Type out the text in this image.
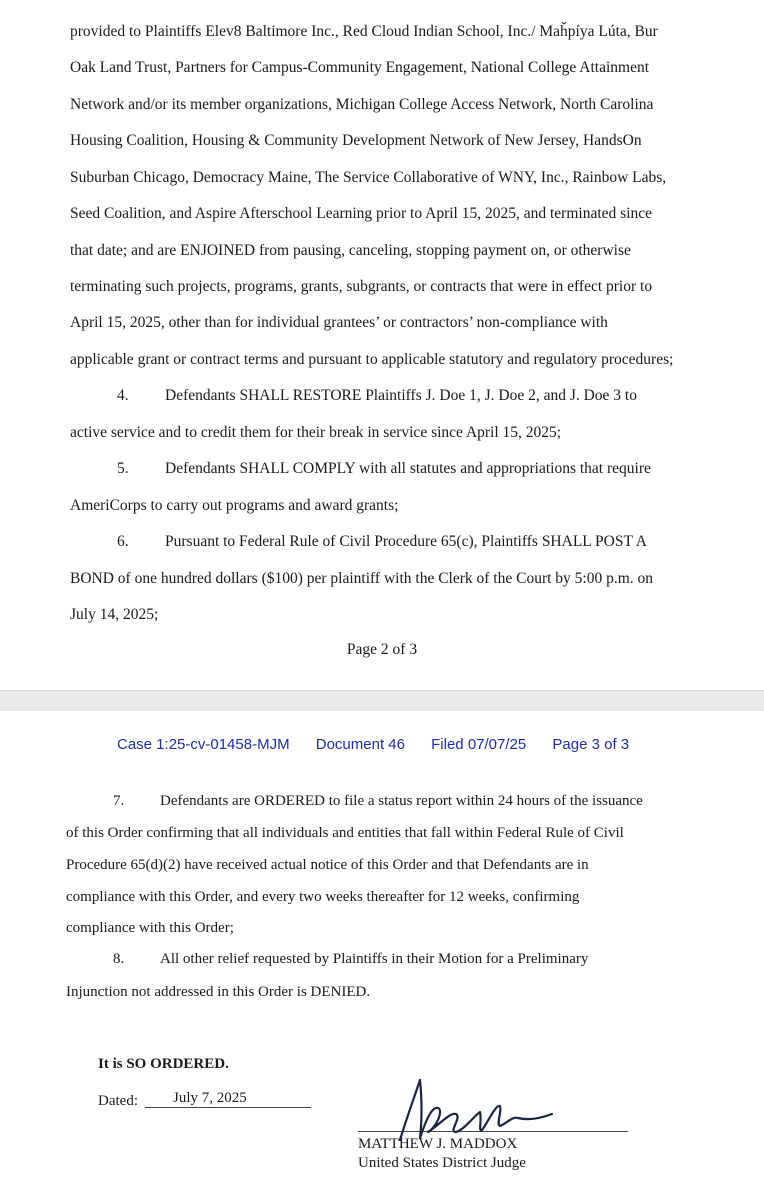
provided to Plaintiffs Elev8 Baltimore Inc., Red Cloud Indian School, Inc./ Maȟpíya Lúta, Bur
Oak Land Trust, Partners for Campus-Community Engagement, National College Attainment
Network and/or its member organizations, Michigan College Access Network, North Carolina
Housing Coalition, Housing & Community Development Network of New Jersey, HandsOn
Suburban Chicago, Democracy Maine, The Service Collaborative of WNY, Inc., Rainbow Labs,
Seed Coalition, and Aspire Afterschool Learning prior to April 15, 2025, and terminated since
that date; and are ENJOINED from pausing, canceling, stopping payment on, or otherwise
terminating such projects, programs, grants, subgrants, or contracts that were in effect prior to
April 15, 2025, other than for individual grantees’ or contractors’ non-compliance with
applicable grant or contract terms and pursuant to applicable statutory and regulatory procedures;
4. Defendants SHALL RESTORE Plaintiffs J. Doe 1, J. Doe 2, and J. Doe 3 to
active service and to credit them for their break in service since April 15, 2025;
5. Defendants SHALL COMPLY with all statutes and appropriations that require
AmeriCorps to carry out programs and award grants;
6. Pursuant to Federal Rule of Civil Procedure 65(c), Plaintiffs SHALL POST A
BOND of one hundred dollars ($100) per plaintiff with the Clerk of the Court by 5:00 p.m. on
July 14, 2025;
Page 2 of 3
Case 1:25-cv-01458-MJM Document 46 Filed 07/07/25 Page 3 of 3
7. Defendants are ORDERED to file a status report within 24 hours of the issuance
of this Order confirming that all individuals and entities that fall within Federal Rule of Civil
Procedure 65(d)(2) have received actual notice of this Order and that Defendants are in
compliance with this Order, and every two weeks thereafter for 12 weeks, confirming
compliance with this Order;
8. All other relief requested by Plaintiffs in their Motion for a Preliminary
Injunction not addressed in this Order is DENIED.
It is SO ORDERED.
Dated: July 7, 2025
MATTHEW J. MADDOX
United States District Judge
